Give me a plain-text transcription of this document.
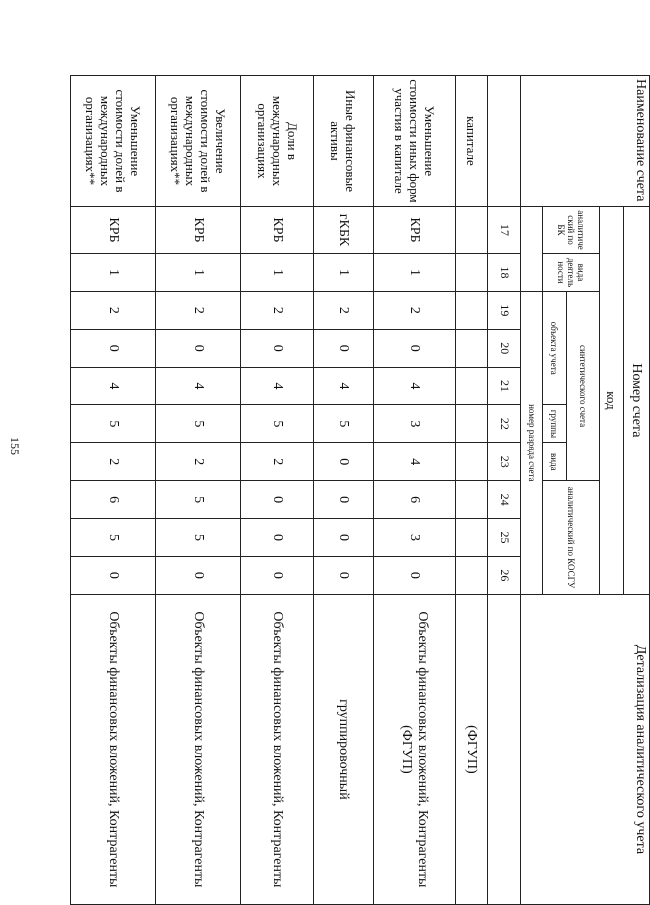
155
Наименование счета	Номер счета										Детализация аналитического учета
	код										
	аналитический по БК	вида деятельности	синтетического счета					аналитический по КОСГУ			
			объекта учета			группы	вида				
			номер разряда счета								
	17	18	19	20	21	22	23	24	25	26	
капитале											(ФГУП)
Уменьшение стоимости иных форм участия в капитале	КРБ	1	2	0	4	3	4	6	3	0	Объекты финансовых вложений, Контрагенты (ФГУП)
Иные финансовые активы	гКБК	1	2	0	4	5	0	0	0	0	группировочный
Доли в международных организациях	КРБ	1	2	0	4	5	2	0	0	0	Объекты финансовых вложений, Контрагенты
Увеличение стоимости долей в международных организациях**	КРБ	1	2	0	4	5	2	5	5	0	Объекты финансовых вложений, Контрагенты
Уменьшение стоимости долей в международных организациях**	КРБ	1	2	0	4	5	2	6	5	0	Объекты финансовых вложений, Контрагенты
